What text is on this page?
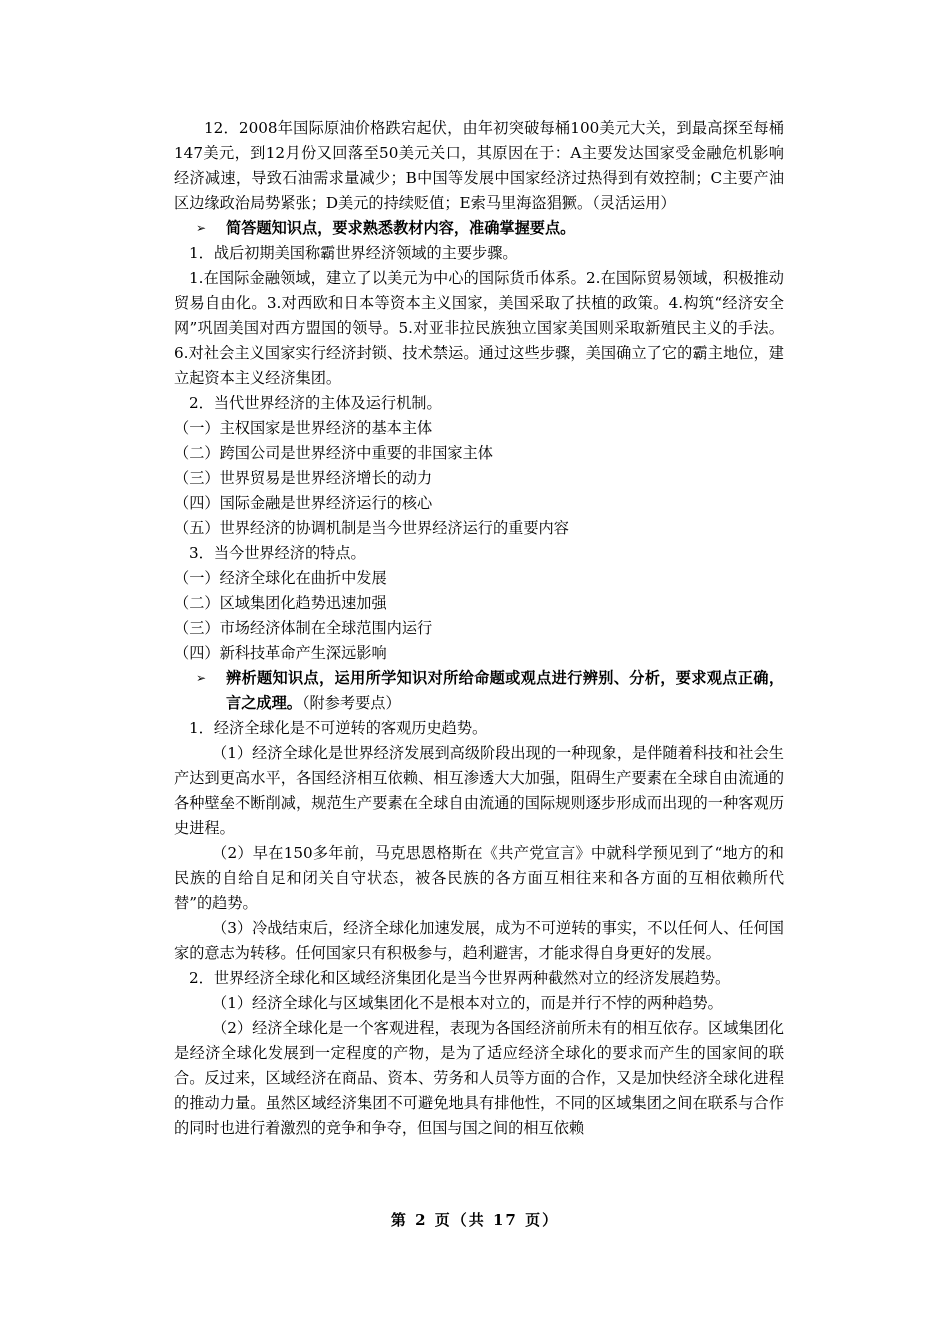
12．2008年国际原油价格跌宕起伏，由年初突破每桶100美元大关，到最高探至每桶147美元，到12月份又回落至50美元关口，其原因在于：A主要发达国家受金融危机影响经济减速，导致石油需求量减少；B中国等发展中国家经济过热得到有效控制；C主要产油区边缘政治局势紧张；D美元的持续贬值；E索马里海盗猖獗。（灵活运用）

➢	简答题知识点，要求熟悉教材内容，准确掌握要点。

1．战后初期美国称霸世界经济领域的主要步骤。

1.在国际金融领域，建立了以美元为中心的国际货币体系。2.在国际贸易领域，积极推动贸易自由化。3.对西欧和日本等资本主义国家，美国采取了扶植的政策。4.构筑“经济安全网”巩固美国对西方盟国的领导。5.对亚非拉民族独立国家美国则采取新殖民主义的手法。6.对社会主义国家实行经济封锁、技术禁运。通过这些步骤，美国确立了它的霸主地位，建立起资本主义经济集团。

2．当代世界经济的主体及运行机制。

（一）主权国家是世界经济的基本主体

（二）跨国公司是世界经济中重要的非国家主体

（三）世界贸易是世界经济增长的动力

（四）国际金融是世界经济运行的核心

（五）世界经济的协调机制是当今世界经济运行的重要内容

3．当今世界经济的特点。

（一）经济全球化在曲折中发展

（二）区域集团化趋势迅速加强

（三）市场经济体制在全球范围内运行

（四）新科技革命产生深远影响

➢	辨析题知识点，运用所学知识对所给命题或观点进行辨别、分析，要求观点正确，言之成理。（附参考要点）

1．经济全球化是不可逆转的客观历史趋势。

（1）经济全球化是世界经济发展到高级阶段出现的一种现象，是伴随着科技和社会生产达到更高水平，各国经济相互依赖、相互渗透大大加强，阻碍生产要素在全球自由流通的各种壁垒不断削减，规范生产要素在全球自由流通的国际规则逐步形成而出现的一种客观历史进程。

（2）早在150多年前，马克思恩格斯在《共产党宣言》中就科学预见到了“地方的和民族的自给自足和闭关自守状态，被各民族的各方面互相往来和各方面的互相依赖所代替”的趋势。

（3）冷战结束后，经济全球化加速发展，成为不可逆转的事实，不以任何人、任何国家的意志为转移。任何国家只有积极参与，趋利避害，才能求得自身更好的发展。

2．世界经济全球化和区域经济集团化是当今世界两种截然对立的经济发展趋势。

（1）经济全球化与区域集团化不是根本对立的，而是并行不悖的两种趋势。

（2）经济全球化是一个客观进程，表现为各国经济前所未有的相互依存。区域集团化是经济全球化发展到一定程度的产物，是为了适应经济全球化的要求而产生的国家间的联合。反过来，区域经济在商品、资本、劳务和人员等方面的合作，又是加快经济全球化进程的推动力量。虽然区域经济集团不可避免地具有排他性，不同的区域集团之间在联系与合作的同时也进行着激烈的竞争和争夺，但国与国之间的相互依赖

第 2 页（共 17 页）
